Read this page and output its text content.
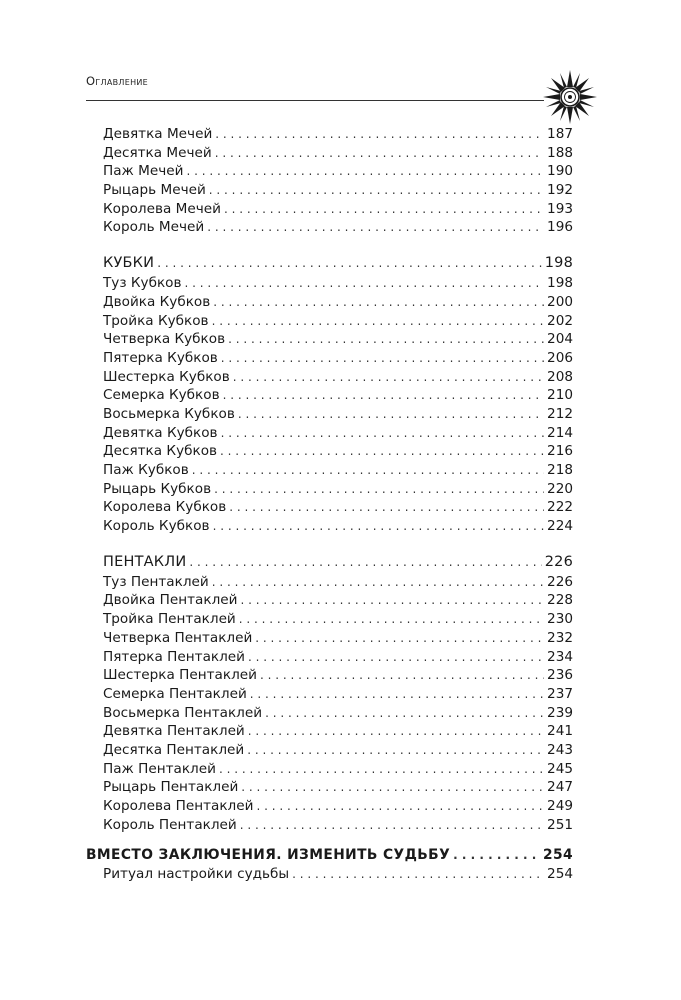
Оглавление
Девятка Мечей . . .	187
Десятка Мечей . . .	188
Паж Мечей . . .	190
Рыцарь Мечей . . .	192
Королева Мечей . . .	193
Король Мечей . . .	196
КУБКИ . . .	198
Туз Кубков . . .	198
Двойка Кубков . . .	200
Тройка Кубков . . .	202
Четверка Кубков . . .	204
Пятерка Кубков . . .	206
Шестерка Кубков . . .	208
Семерка Кубков . . .	210
Восьмерка Кубков . . .	212
Девятка Кубков . . .	214
Десятка Кубков . . .	216
Паж Кубков . . .	218
Рыцарь Кубков . . .	220
Королева Кубков . . .	222
Король Кубков . . .	224
ПЕНТАКЛИ . . .	226
Туз Пентаклей . . .	226
Двойка Пентаклей . . .	228
Тройка Пентаклей . . .	230
Четверка Пентаклей . . .	232
Пятерка Пентаклей . . .	234
Шестерка Пентаклей . . .	236
Семерка Пентаклей . . .	237
Восьмерка Пентаклей . . .	239
Девятка Пентаклей . . .	241
Десятка Пентаклей . . .	243
Паж Пентаклей . . .	245
Рыцарь Пентаклей . . .	247
Королева Пентаклей . . .	249
Король Пентаклей . . .	251
ВМЕСТО ЗАКЛЮЧЕНИЯ. ИЗМЕНИТЬ СУДЬБУ . . .	254
Ритуал настройки судьбы . . .	254
